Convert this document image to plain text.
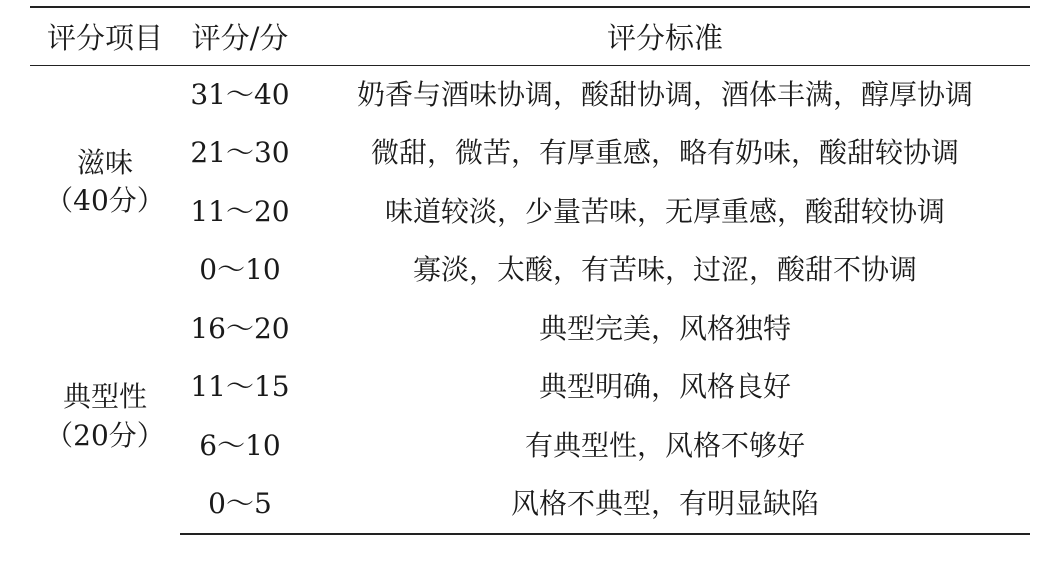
评分项目	评分/分	评分标准

滋味
（40分）	31～40	奶香与酒味协调，酸甜协调，酒体丰满，醇厚协调
	21～30	微甜，微苦，有厚重感，略有奶味，酸甜较协调
	11～20	味道较淡，少量苦味，无厚重感，酸甜较协调
	0～10	寡淡，太酸，有苦味，过涩，酸甜不协调

典型性
（20分）	16～20	典型完美，风格独特
	11～15	典型明确，风格良好
	6～10	有典型性，风格不够好
	0～5	风格不典型，有明显缺陷
